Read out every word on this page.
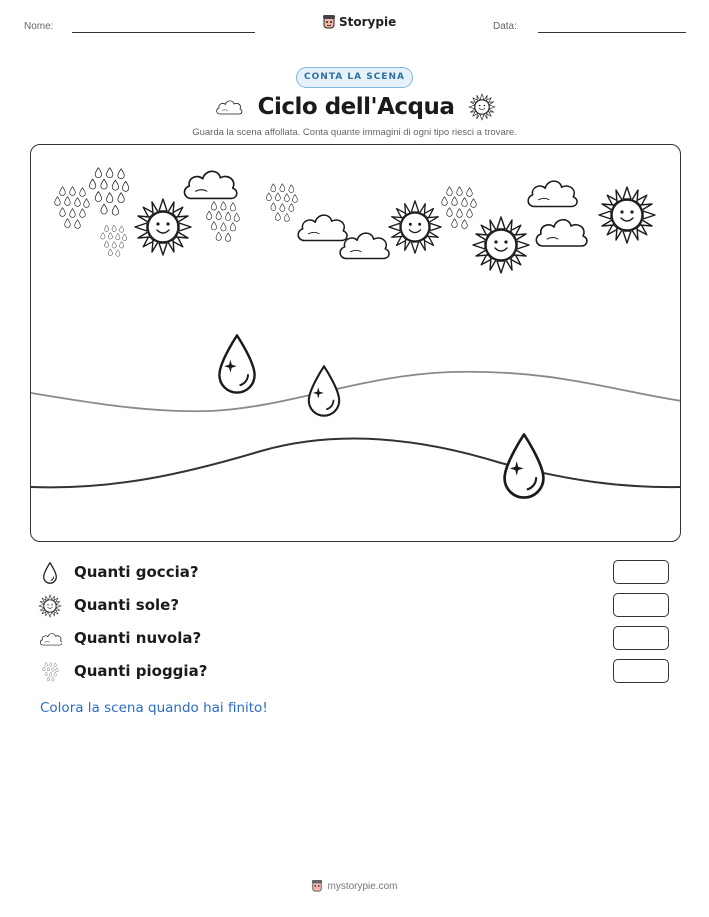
Nome:	Storypie	Data:
CONTA LA SCENA
Ciclo dell'Acqua
Guarda la scena affollata. Conta quante immagini di ogni tipo riesci a trovare.
Quanti goccia?
Quanti sole?
Quanti nuvola?
Quanti pioggia?
Colora la scena quando hai finito!
mystorypie.com
